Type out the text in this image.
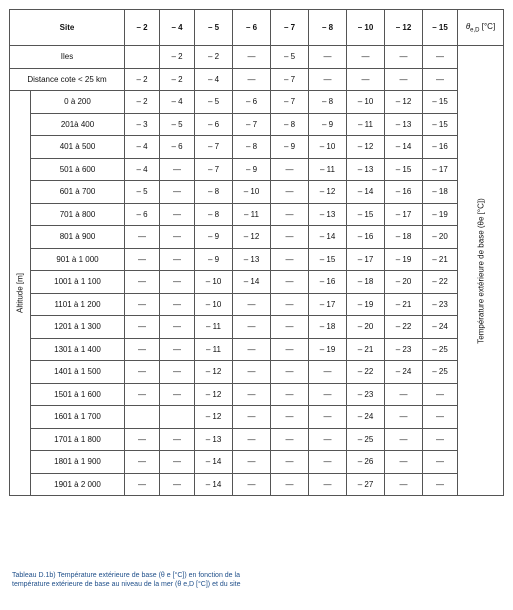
Site		– 2	– 4	– 5	– 6	– 7	– 8	– 10	– 12	– 15	$\theta_{e,D}$ [°C]
Iles			– 2	– 2	—	– 5	—	—	—	—	Température extérieure de base (θe [°C])

Distance cote < 25 km		– 2	– 2	– 4	—	– 7	—	—	—	—	

Altitude [m]	0 à 200	– 2	– 4	– 5	– 6	– 7	– 8	– 10	– 12	– 15	
	201à 400	– 3	– 5	– 6	– 7	– 8	– 9	– 11	– 13	– 15	
	401 à 500	– 4	– 6	– 7	– 8	– 9	– 10	– 12	– 14	– 16	
	501 à 600	– 4	—	– 7	– 9	—	– 11	– 13	– 15	– 17	
	601 à 700	– 5	—	– 8	– 10	—	– 12	– 14	– 16	– 18	
	701 à 800	– 6	—	– 8	– 11	—	– 13	– 15	– 17	– 19	
	801 à 900	—	—	– 9	– 12	—	– 14	– 16	– 18	– 20	
	901 à 1 000	—	—	– 9	– 13	—	– 15	– 17	– 19	– 21	
	1001 à 1 100	—	—	– 10	– 14	—	– 16	– 18	– 20	– 22	
	1101 à 1 200	—	—	– 10	—	—	– 17	– 19	– 21	– 23	
	1201 à 1 300	—	—	– 11	—	—	– 18	– 20	– 22	– 24	
	1301 à 1 400	—	—	– 11	—	—	– 19	– 21	– 23	– 25	
	1401 à 1 500	—	—	– 12	—	—	—	– 22	– 24	– 25	
	1501 à 1 600	—	—	– 12	—	—	—	– 23	—	—	
	1601 à 1 700			– 12	—	—	—	– 24	—	—	
	1701 à 1 800	—	—	– 13	—	—	—	– 25	—	—	
	1801 à 1 900	—	—	– 14	—	—	—	– 26	—	—	
	1901 à 2 000	—	—	– 14	—	—	—	– 27	—	—	
Tableau D.1b) Température extérieure de base (θ e [°C]) en fonction de la température extérieure de base au niveau de la mer (θ e,D [°C]) et du site
